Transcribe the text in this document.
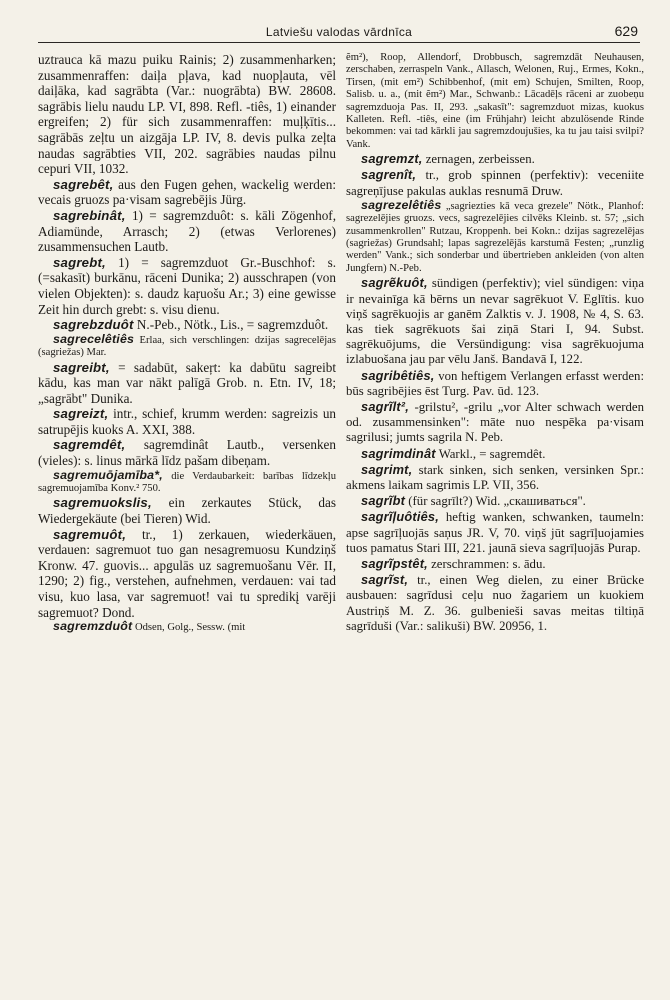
Latviešu valodas vārdnīca	629

uztrauca kā mazu puiku Rainis; 2) zusammenharken; zusammenraffen: daiļa pļava, kad nuopļauta, vēl daiļāka, kad sagrābta (Var.: nuogrābta) BW. 28608. sagrābis lielu naudu LP. VI, 898. Refl. -tiês, 1) einander ergreifen; 2) für sich zusammenraffen: muļķītis... sagrābās zeļtu un aizgāja LP. IV, 8. devis pulka zeļta naudas sagrābties VII, 202. sagrābies naudas pilnu cepuri VII, 1032.

sagrebêt, aus den Fugen gehen, wackelig werden: vecais gruozs pa·visam sagrebējis Jürg.

sagrebinât, 1) = sagremzduôt: s. kāli Zögenhof, Adiamünde, Arrasch; 2) (etwas Verlorenes) zusammensuchen Lautb.

sagrebt, 1) = sagremzduot Gr.-Buschhof: s. (=sakasīt) burkānu, rāceni Dunika; 2) ausschrapen (von vielen Objekten): s. daudz kaŗuošu Ar.; 3) eine gewisse Zeit hin durch grebt: s. visu dienu.

sagrebzduôt N.-Peb., Nötk., Lis., = sagremzduôt.

sagrecelêtiês Erlaa, sich verschlingen: dzijas sagrecelējas (sagriežas) Mar.

sagreibt, = sadabūt, sakeŗt: ka dabūtu sagreibt kādu, kas man var nākt palīgā Grob. n. Etn. IV, 18; „sagrābt" Dunika.

sagreizt, intr., schief, krumm werden: sagreizis un satrupējis kuoks A. XXI, 388.

sagremdêt, sagremdinât Lautb., versenken (vieles): s. linus mārkā līdz pašam dibeņam.

sagremuōjamība*, die Verdaubarkeit: barības līdzekļu sagremuojamība Konv.² 750.

sagremuokslis, ein zerkautes Stück, das Wiedergekäute (bei Tieren) Wid.

sagremuôt, tr., 1) zerkauen, wiederkäuen, verdauen: sagremuot tuo gan nesagremuosu Kundziņš Kronw. 47. guovis... apgulās uz sagremuošanu Vēr. II, 1290; 2) fig., verstehen, aufnehmen, verdauen: vai tad visu, kuo lasa, var sagremuot! vai tu spredikį varēji sagremuot? Dond.

sagremzduôt Odsen, Golg., Sessw. (mit

ẽm²), Roop, Allendorf, Drobbusch, sagremzdāt Neuhausen, zerschaben, zerraspeln Vank., Allasch, Welonen, Ruj., Ermes, Kokn., Tirsen, (mit em²) Schibbenhof, (mit em) Schujen, Smilten, Roop, Salisb. u. a., (mit ẽm²) Mar., Schwanb.: Lācadēļs rāceni ar zuobeņu sagremzduoja Pas. II, 293. „sakasīt": sagremzduot mizas, kuokus Kalleten. Refl. -tiês, eine (im Frühjahr) leicht abzulösende Rinde bekommen: vai tad kārkli jau sagremzdoujušies, ka tu jau taisi svilpi? Vank.

sagremzt, zernagen, zerbeissen.

sagrenît, tr., grob spinnen (perfektiv): veceniite sagreņījuse pakulas auklas resnumā Druw.

sagrezelêtiês „sagriezties kā veca grezele" Nötk., Planhof: sagrezelējies gruozs. vecs, sagrezelējies cilvēks Kleinb. st. 57; „sich zusammenkrollen" Rutzau, Kroppenh. bei Kokn.: dzijas sagrezelējas (sagriežas) Grundsahl; lapas sagrezelējās karstumā Festen; „runzlig werden" Vank.; sich sonderbar und übertrieben ankleiden (von alten Jungfern) N.-Peb.

sagrẽkuôt, sündigen (perfektiv); viel sündigen: viņa ir nevainīga kā bērns un nevar sagrēkuot V. Eglītis. kuo viņš sagrēkuojis ar ganēm Zalktis v. J. 1908, № 4, S. 63. kas tiek sagrēkuots šai ziņā Stari I, 94. Subst. sagrēkuōjums, die Versündigung: visa sagrēkuojuma izlabuošana jau par vēlu Janš. Bandavā I, 122.

sagribêtiês, von heftigem Verlangen erfasst werden: būs sagribējies ēst Turg. Pav. ūd. 123.

sagrĩlt², -grilstu², -grilu „vor Alter schwach werden od. zusammensinken": māte nuo nespēka pa·visam sagrilusi; jumts sagrila N. Peb.

sagrimdinât Warkl., = sagremdêt.

sagrimt, stark sinken, sich senken, versinken Spr.: akmens laikam sagrimis LP. VII, 356.

sagrĩbt (für sagrīlt?) Wid. „скашиваться".

sagrĩļuôtiês, heftig wanken, schwanken, taumeln: apse sagrīļuojās saņus JR. V, 70. viņš jūt sagrīļuojamies tuos pamatus Stari III, 221. jaunā sieva sagrīļuojās Purap.

sagrĩpstêt, zerschrammen: s. ādu.

sagrĩst, tr., einen Weg dielen, zu einer Brücke ausbauen: sagrīdusi ceļu nuo žagariem un kuokiem Austriņš M. Z. 36. gulbenieši savas meitas tiltiņā sagrīduši (Var.: salikuši) BW. 20956, 1.
